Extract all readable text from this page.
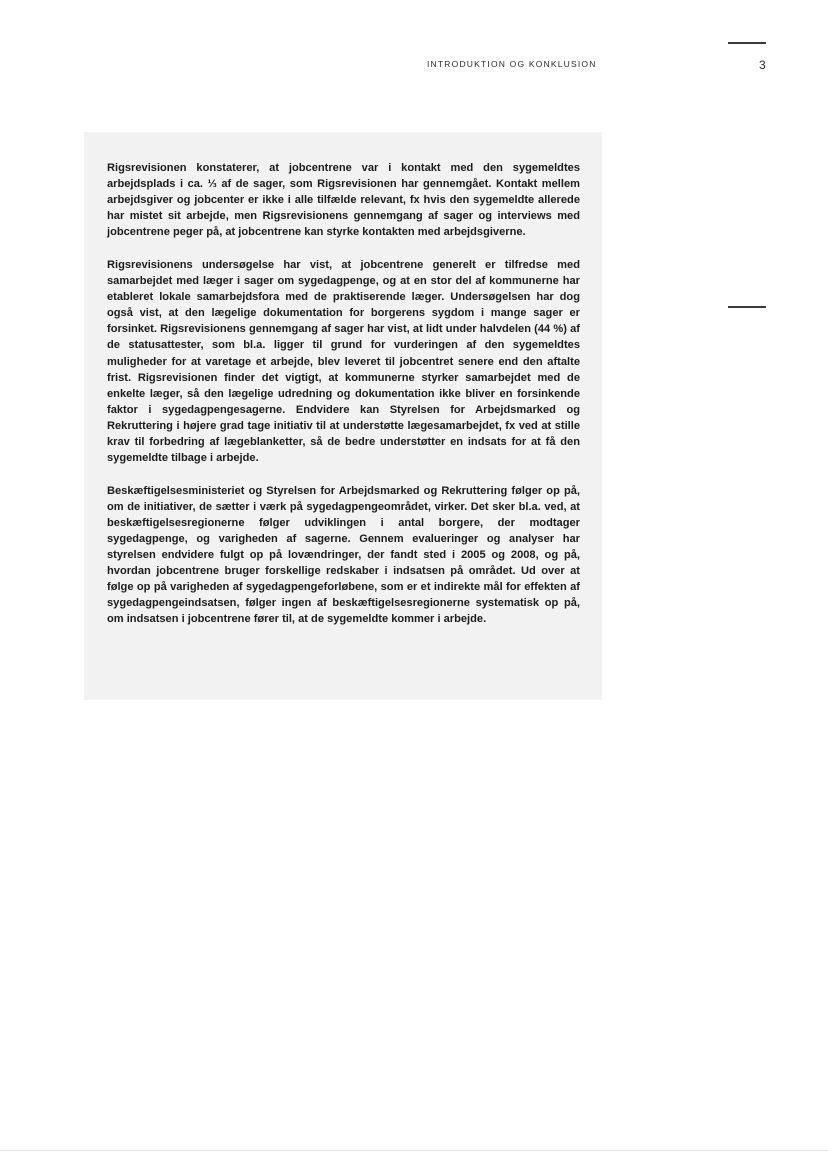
INTRODUKTION OG KONKLUSION	3

Rigsrevisionen konstaterer, at jobcentrene var i kontakt med den sygemeldtes arbejdsplads i ca. ⅓ af de sager, som Rigsrevisionen har gennemgået. Kontakt mellem arbejdsgiver og jobcenter er ikke i alle tilfælde relevant, fx hvis den sygemeldte allerede har mistet sit arbejde, men Rigsrevisionens gennemgang af sager og interviews med jobcentrene peger på, at jobcentrene kan styrke kontakten med arbejdsgiverne.

Rigsrevisionens undersøgelse har vist, at jobcentrene generelt er tilfredse med samarbejdet med læger i sager om sygedagpenge, og at en stor del af kommunerne har etableret lokale samarbejdsfora med de praktiserende læger. Undersøgelsen har dog også vist, at den lægelige dokumentation for borgerens sygdom i mange sager er forsinket. Rigsrevisionens gennemgang af sager har vist, at lidt under halvdelen (44 %) af de statusattester, som bl.a. ligger til grund for vurderingen af den sygemeldtes muligheder for at varetage et arbejde, blev leveret til jobcentret senere end den aftalte frist. Rigsrevisionen finder det vigtigt, at kommunerne styrker samarbejdet med de enkelte læger, så den lægelige udredning og dokumentation ikke bliver en forsinkende faktor i sygedagpengesagerne. Endvidere kan Styrelsen for Arbejdsmarked og Rekruttering i højere grad tage initiativ til at understøtte lægesamarbejdet, fx ved at stille krav til forbedring af lægeblanketter, så de bedre understøtter en indsats for at få den sygemeldte tilbage i arbejde.

Beskæftigelsesministeriet og Styrelsen for Arbejdsmarked og Rekruttering følger op på, om de initiativer, de sætter i værk på sygedagpengeområdet, virker. Det sker bl.a. ved, at beskæftigelsesregionerne følger udviklingen i antal borgere, der modtager sygedagpenge, og varigheden af sagerne. Gennem evalueringer og analyser har styrelsen endvidere fulgt op på lovændringer, der fandt sted i 2005 og 2008, og på, hvordan jobcentrene bruger forskellige redskaber i indsatsen på området. Ud over at følge op på varigheden af sygedagpengeforløbene, som er et indirekte mål for effekten af sygedagpengeindsatsen, følger ingen af beskæftigelsesregionerne systematisk op på, om indsatsen i jobcentrene fører til, at de sygemeldte kommer i arbejde.
